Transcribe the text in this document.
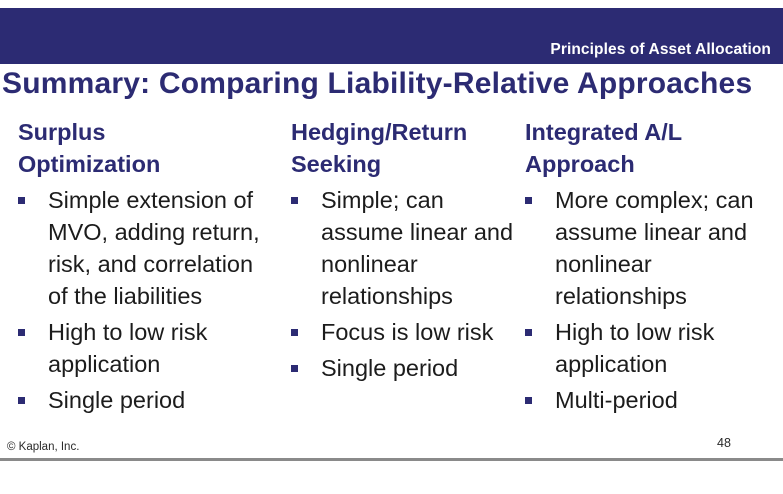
Principles of Asset Allocation
Summary: Comparing Liability-Relative Approaches
Surplus
Optimization
Simple extension of MVO, adding return, risk, and correlation of the liabilities
High to low risk application
Single period
Hedging/Return
Seeking
Simple; can assume linear and nonlinear relationships
Focus is low risk
Single period
Integrated A/L
Approach
More complex; can assume linear and nonlinear relationships
High to low risk application
Multi-period
© Kaplan, Inc.	48
